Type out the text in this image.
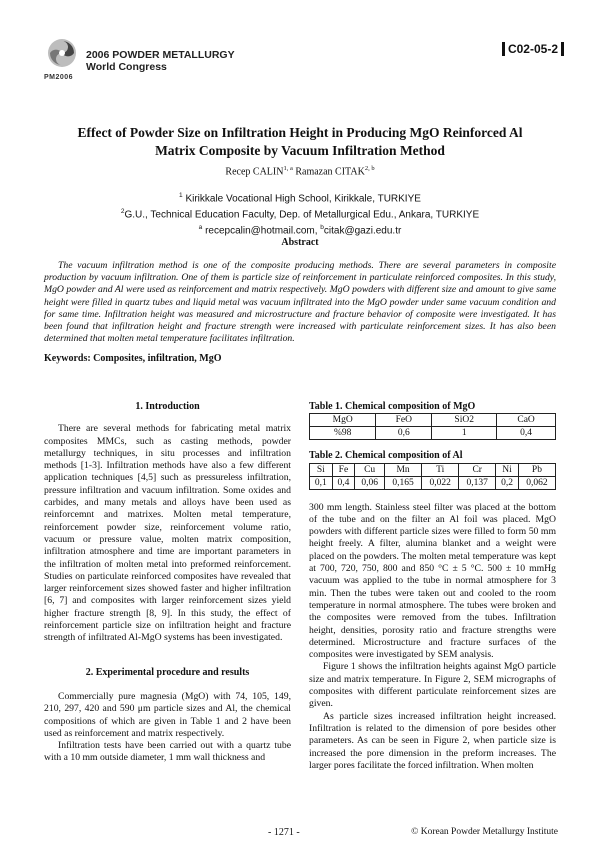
PM2006
2006 POWDER METALLURGY
World Congress
C02-05-2
Effect of Powder Size on Infiltration Height in Producing MgO Reinforced Al
Matrix Composite by Vacuum Infiltration Method
Recep CALIN$^{1, a}$ Ramazan CITAK$^{2, b}$
$^1$ Kirikkale Vocational High School, Kirikkale, TURKIYE
$^2$G.U., Technical Education Faculty, Dep. of Metallurgical Edu., Ankara, TURKIYE
$^a$ recepcalin@hotmail.com, $^b$citak@gazi.edu.tr
Abstract
The vacuum infiltration method is one of the composite producing methods. There are several parameters in composite production by vacuum infiltration. One of them is particle size of reinforcement in particulate reinforced composites. In this study, MgO powder and Al were used as reinforcement and matrix respectively. MgO powders with different size and amount to give same height were filled in quartz tubes and liquid metal was vacuum infiltrated into the MgO powder under same vacuum condition and for same time. Infiltration height was measured and microstructure and fracture behavior of composite were investigated. It has been found that infiltration height and fracture strength were increased with particulate reinforcement sizes. It has also been determined that molten metal temperature facilitates infiltration.
Keywords: Composites, infiltration, MgO
1. Introduction

There are several methods for fabricating metal matrix composites MMCs, such as casting methods, powder metallurgy techniques, in situ processes and infiltration methods [1-3]. Infiltration methods have also a few different application techniques [4,5] such as pressureless infiltration, pressure infiltration and vacuum infiltration. Some oxides and carbides, and many metals and alloys have been used as reinforcemnt and matrixes. Molten metal temperature, reinforcement powder size, reinforcement volume ratio, vacuum or pressure value, molten matrix composition, infiltration atmosphere and time are important parameters in the infiltration of molten metal into preformed reinforcement. Studies on particulate reinforced composites have revealed that larger reinforcement sizes showed faster and higher infiltration [6, 7] and composites with larger reinforcement sizes yield higher fracture strength [8, 9]. In this study, the effect of reinforcement particle size on infiltration height and fracture strength of infiltrated Al-MgO systems has been investigated.

2. Experimental procedure and results

Commercially pure magnesia (MgO) with 74, 105, 149, 210, 297, 420 and 590 μm particle sizes and Al, the chemical compositions of which are given in Table 1 and 2 have been used as reinforcement and matrix respectively.

Infiltration tests have been carried out with a quartz tube with a 10 mm outside diameter, 1 mm wall thickness and

Table 1. Chemical composition of MgO
MgO	FeO	SiO2	CaO
%98	0,6	1	0,4
Table 2. Chemical composition of Al
Si	Fe	Cu	Mn	Ti	Cr	Ni	Pb
0,1	0,4	0,06	0,165	0,022	0,137	0,2	0,062

300 mm length. Stainless steel filter was placed at the bottom of the tube and on the filter an Al foil was placed. MgO powders with different particle sizes were filled to form 50 mm height freely. A filter, alumina blanket and a weight were placed on the powders. The molten metal temperature was kept at 700, 720, 750, 800 and 850 °C ± 5 °C. 500 ± 10 mmHg vacuum was applied to the tube in normal atmosphere for 3 min. Then the tubes were taken out and cooled to the room temperature in normal atmosphere. The tubes were broken and the composites were removed from the tubes. Infiltration height, densities, porosity ratio and fracture strengths were determined. Microstructure and fracture surfaces of the composites were investigated by SEM analysis.

Figure 1 shows the infiltration heights against MgO particle size and matrix temperature. In Figure 2, SEM micrographs of composites with different particulate reinforcement sizes are given.

As particle sizes increased infiltration height increased. Infiltration is related to the dimension of pore besides other parameters. As can be seen in Figure 2, when particle size is increased the pore dimension in the preform increases. The larger pores facilitate the forced infiltration. When molten

- 1271 -	© Korean Powder Metallurgy Institute
